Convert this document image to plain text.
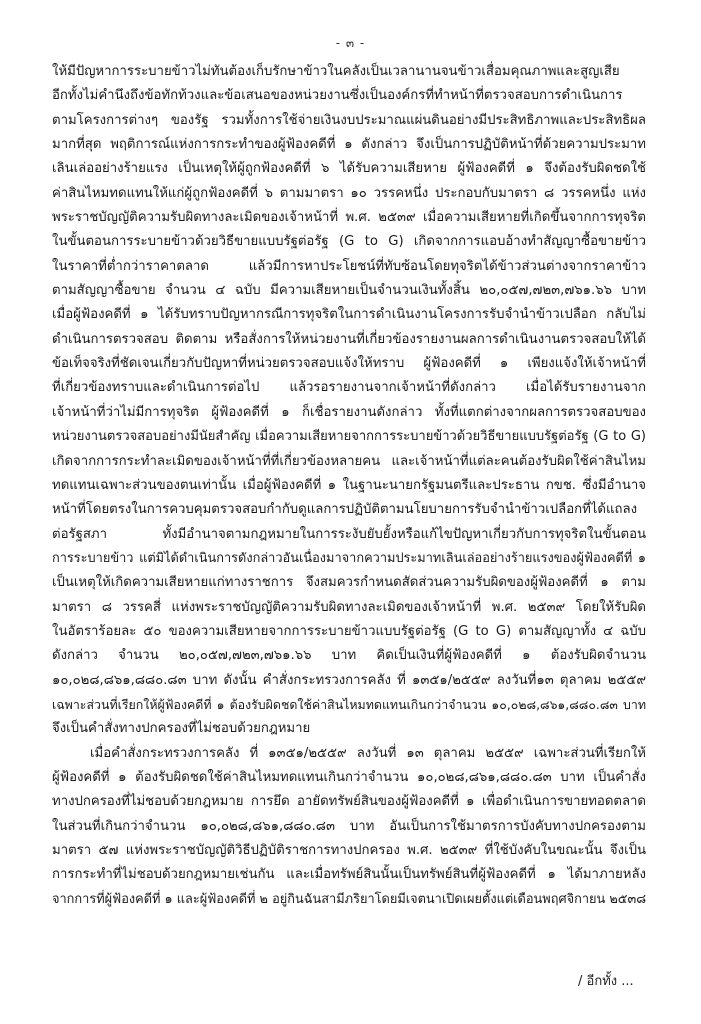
- ๓ -
ให้มีปัญหาการระบายข้าวไม่ทันต้องเก็บรักษาข้าวในคลังเป็นเวลานานจนข้าวเสื่อมคุณภาพและสูญเสีย
อีกทั้งไม่คำนึงถึงข้อทักท้วงและข้อเสนอของหน่วยงานซึ่งเป็นองค์กรที่ทำหน้าที่ตรวจสอบการดำเนินการ
ตามโครงการต่างๆ ของรัฐ รวมทั้งการใช้จ่ายเงินงบประมาณแผ่นดินอย่างมีประสิทธิภาพและประสิทธิผล
มากที่สุด พฤติการณ์แห่งการกระทำของผู้ฟ้องคดีที่ ๑ ดังกล่าว จึงเป็นการปฏิบัติหน้าที่ด้วยความประมาท
เลินเล่ออย่างร้ายแรง เป็นเหตุให้ผู้ถูกฟ้องคดีที่ ๖ ได้รับความเสียหาย ผู้ฟ้องคดีที่ ๑ จึงต้องรับผิดชดใช้
ค่าสินไหมทดแทนให้แก่ผู้ถูกฟ้องคดีที่ ๖ ตามมาตรา ๑๐ วรรคหนึ่ง ประกอบกับมาตรา ๘ วรรคหนึ่ง แห่ง
พระราชบัญญัติความรับผิดทางละเมิดของเจ้าหน้าที่ พ.ศ. ๒๕๓๙ เมื่อความเสียหายที่เกิดขึ้นจากการทุจริต
ในขั้นตอนการระบายข้าวด้วยวิธีขายแบบรัฐต่อรัฐ (G to G) เกิดจากการแอบอ้างทำสัญญาซื้อขายข้าว
ในราคาที่ต่ำกว่าราคาตลาด แล้วมีการหาประโยชน์ที่ทับซ้อนโดยทุจริตได้ข้าวส่วนต่างจากราคาข้าว
ตามสัญญาซื้อขาย จำนวน ๔ ฉบับ มีความเสียหายเป็นจำนวนเงินทั้งสิ้น ๒๐,๐๕๗,๗๒๓,๗๖๑.๖๖ บาท
เมื่อผู้ฟ้องคดีที่ ๑ ได้รับทราบปัญหากรณีการทุจริตในการดำเนินงานโครงการรับจำนำข้าวเปลือก กลับไม่
ดำเนินการตรวจสอบ ติดตาม หรือสั่งการให้หน่วยงานที่เกี่ยวข้องรายงานผลการดำเนินงานตรวจสอบให้ได้
ข้อเท็จจริงที่ชัดเจนเกี่ยวกับปัญหาที่หน่วยตรวจสอบแจ้งให้ทราบ ผู้ฟ้องคดีที่ ๑ เพียงแจ้งให้เจ้าหน้าที่
ที่เกี่ยวข้องทราบและดำเนินการต่อไป แล้วรอรายงานจากเจ้าหน้าที่ดังกล่าว เมื่อได้รับรายงานจาก
เจ้าหน้าที่ว่าไม่มีการทุจริต ผู้ฟ้องคดีที่ ๑ ก็เชื่อรายงานดังกล่าว ทั้งที่แตกต่างจากผลการตรวจสอบของ
หน่วยงานตรวจสอบอย่างมีนัยสำคัญ เมื่อความเสียหายจากการระบายข้าวด้วยวิธีขายแบบรัฐต่อรัฐ (G to G)
เกิดจากการกระทำละเมิดของเจ้าหน้าที่ที่เกี่ยวข้องหลายคน และเจ้าหน้าที่แต่ละคนต้องรับผิดใช้ค่าสินไหม
ทดแทนเฉพาะส่วนของตนเท่านั้น เมื่อผู้ฟ้องคดีที่ ๑ ในฐานะนายกรัฐมนตรีและประธาน กขช. ซึ่งมีอำนาจ
หน้าที่โดยตรงในการควบคุมตรวจสอบกำกับดูแลการปฏิบัติตามนโยบายการรับจำนำข้าวเปลือกที่ได้แถลง
ต่อรัฐสภา ทั้งมีอำนาจตามกฎหมายในการระงับยับยั้งหรือแก้ไขปัญหาเกี่ยวกับการทุจริตในขั้นตอน
การระบายข้าว แต่มิได้ดำเนินการดังกล่าวอันเนื่องมาจากความประมาทเลินเล่ออย่างร้ายแรงของผู้ฟ้องคดีที่ ๑
เป็นเหตุให้เกิดความเสียหายแก่ทางราชการ จึงสมควรกำหนดสัดส่วนความรับผิดของผู้ฟ้องคดีที่ ๑ ตาม
มาตรา ๘ วรรคสี่ แห่งพระราชบัญญัติความรับผิดทางละเมิดของเจ้าหน้าที่ พ.ศ. ๒๕๓๙ โดยให้รับผิด
ในอัตราร้อยละ ๕๐ ของความเสียหายจากการระบายข้าวแบบรัฐต่อรัฐ (G to G) ตามสัญญาทั้ง ๔ ฉบับ
ดังกล่าว จำนวน ๒๐,๐๕๗,๗๒๓,๗๖๑.๖๖ บาท คิดเป็นเงินที่ผู้ฟ้องคดีที่ ๑ ต้องรับผิดจำนวน
๑๐,๐๒๘,๘๖๑,๘๘๐.๘๓ บาท ดังนั้น คำสั่งกระทรวงการคลัง ที่ ๑๓๕๑/๒๕๕๙ ลงวันที่๑๓ ตุลาคม ๒๕๕๙
เฉพาะส่วนที่เรียกให้ผู้ฟ้องคดีที่ ๑ ต้องรับผิดชดใช้ค่าสินไหมทดแทนเกินกว่าจำนวน ๑๐,๐๒๘,๘๖๑,๘๘๐.๘๓ บาท
จึงเป็นคำสั่งทางปกครองที่ไม่ชอบด้วยกฎหมาย
เมื่อคำสั่งกระทรวงการคลัง ที่ ๑๓๕๑/๒๕๕๙ ลงวันที่ ๑๓ ตุลาคม ๒๕๕๙ เฉพาะส่วนที่เรียกให้
ผู้ฟ้องคดีที่ ๑ ต้องรับผิดชดใช้ค่าสินไหมทดแทนเกินกว่าจำนวน ๑๐,๐๒๘,๘๖๑,๘๘๐.๘๓ บาท เป็นคำสั่ง
ทางปกครองที่ไม่ชอบด้วยกฎหมาย การยึด อายัดทรัพย์สินของผู้ฟ้องคดีที่ ๑ เพื่อดำเนินการขายทอดตลาด
ในส่วนที่เกินกว่าจำนวน ๑๐,๐๒๘,๘๖๑,๘๘๐.๘๓ บาท อันเป็นการใช้มาตรการบังคับทางปกครองตาม
มาตรา ๕๗ แห่งพระราชบัญญัติวิธีปฏิบัติราชการทางปกครอง พ.ศ. ๒๕๓๙ ที่ใช้บังคับในขณะนั้น จึงเป็น
การกระทำที่ไม่ชอบด้วยกฎหมายเช่นกัน และเมื่อทรัพย์สินนั้นเป็นทรัพย์สินที่ผู้ฟ้องคดีที่ ๑ ได้มาภายหลัง
จากการที่ผู้ฟ้องคดีที่ ๑ และผู้ฟ้องคดีที่ ๒ อยู่กินฉันสามีภริยาโดยมีเจตนาเปิดเผยตั้งแต่เดือนพฤศจิกายน ๒๕๓๘
/ อีกทั้ง ...
